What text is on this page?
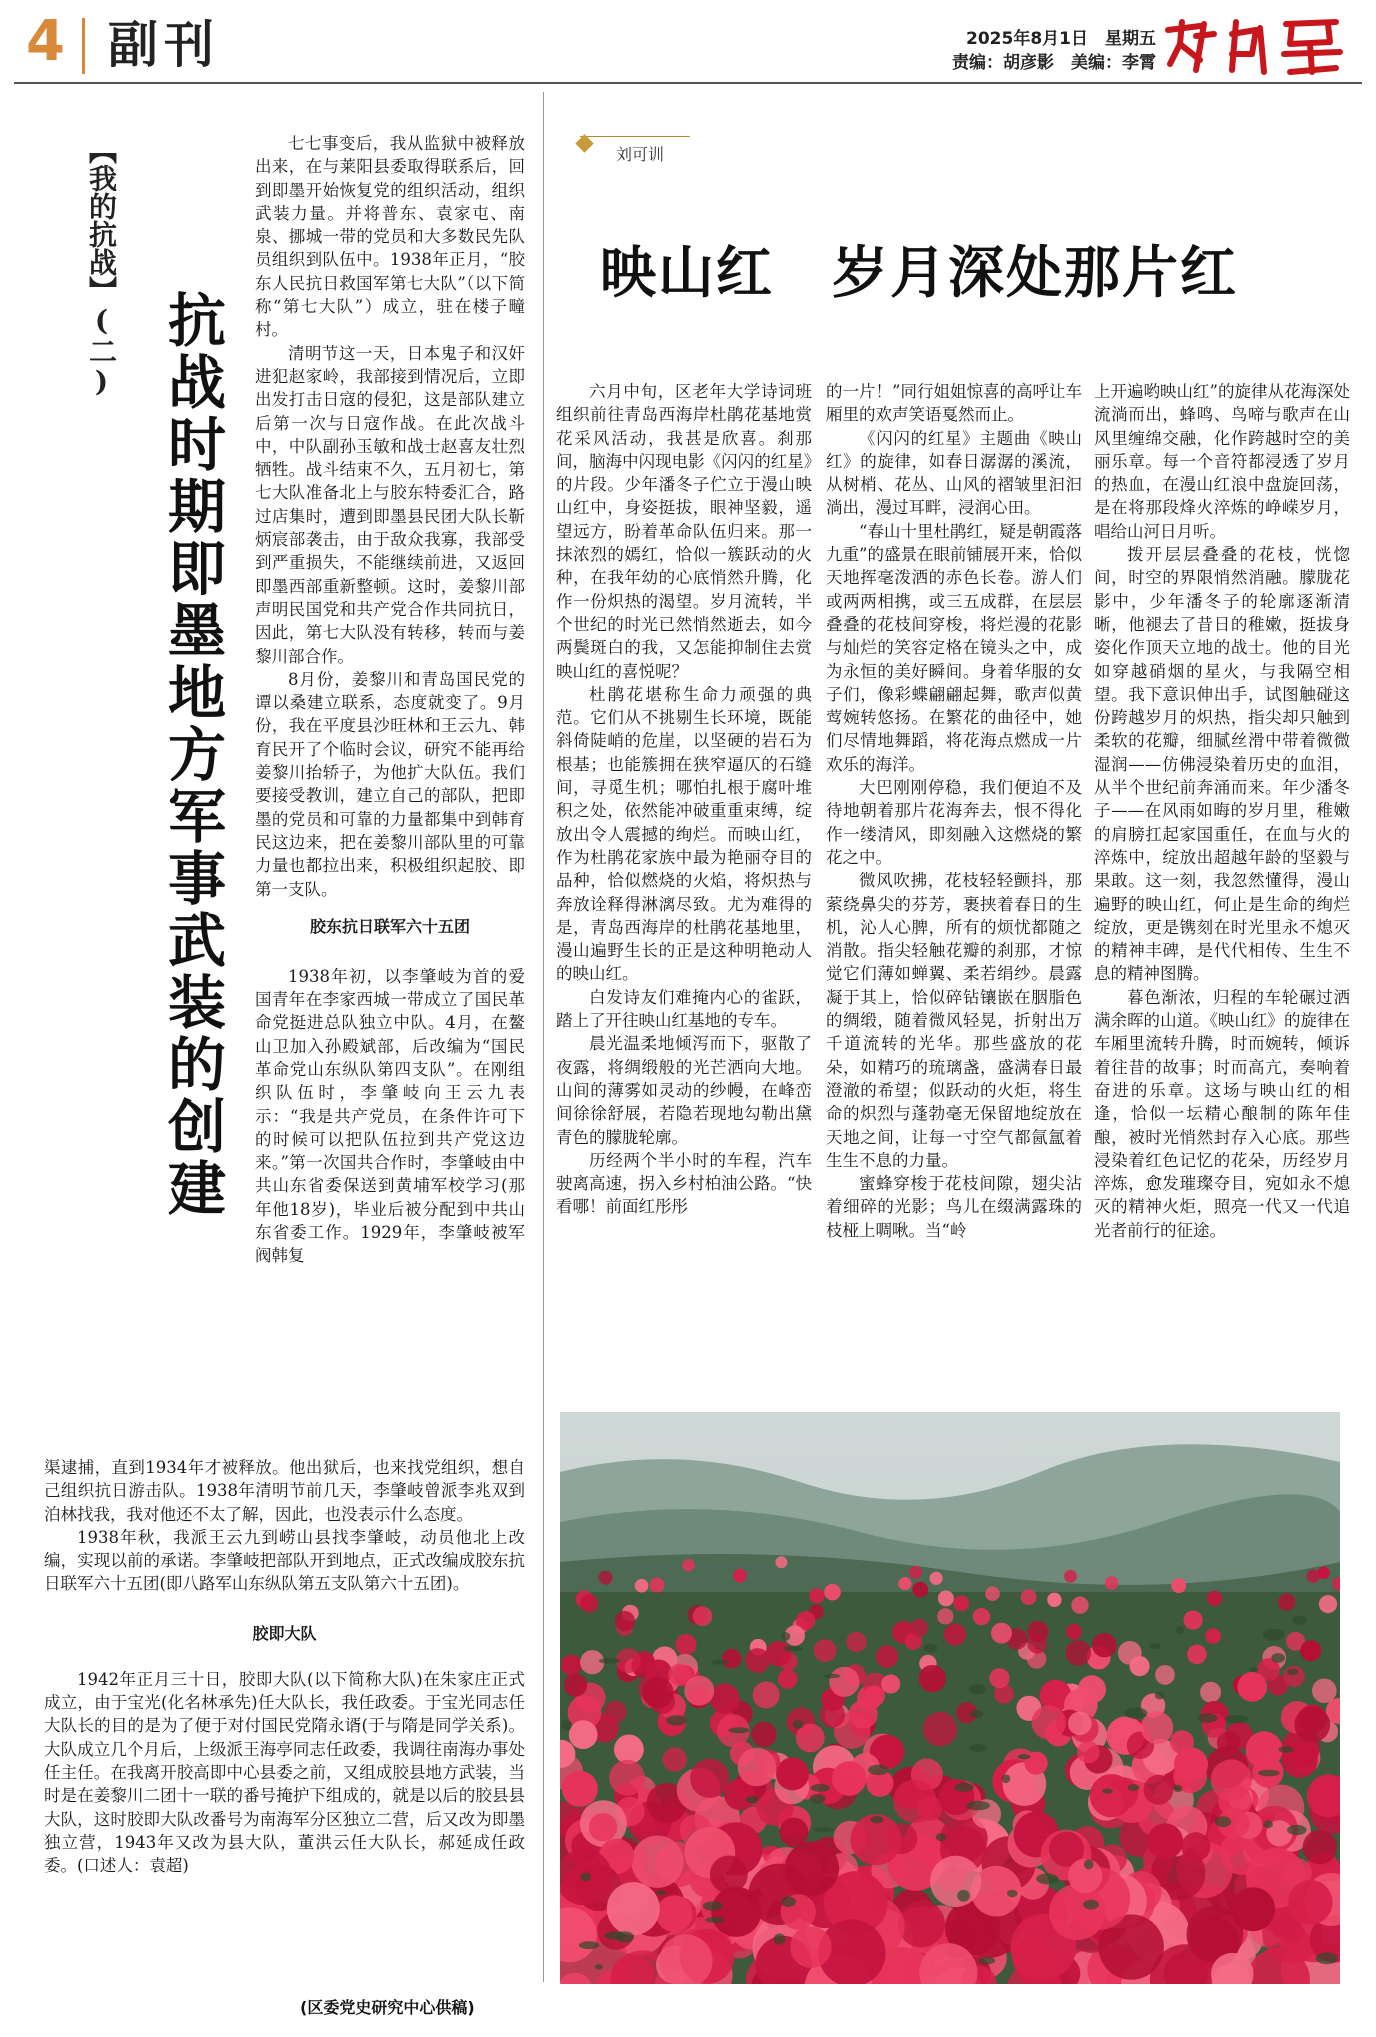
4 副刊	2025年8月1日　星期五
责编：胡彦影　美编：李霄
【我的抗战】(二)
抗战时期即墨地方军事武装的创建

七七事变后，我从监狱中被释放出来，在与莱阳县委取得联系后，回到即墨开始恢复党的组织活动，组织武装力量。并将普东、袁家屯、南泉、挪城一带的党员和大多数民先队员组织到队伍中。1938年正月，“胶东人民抗日救国军第七大队”（以下简称“第七大队”）成立，驻在楼子疃村。

清明节这一天，日本鬼子和汉奸进犯赵家岭，我部接到情况后，立即出发打击日寇的侵犯，这是部队建立后第一次与日寇作战。在此次战斗中，中队副孙玉敏和战士赵喜友壮烈牺牲。战斗结束不久，五月初七，第七大队准备北上与胶东特委汇合，路过店集时，遭到即墨县民团大队长靳炳宸部袭击，由于敌众我寡，我部受到严重损失，不能继续前进，又返回即墨西部重新整顿。这时，姜黎川部声明民国党和共产党合作共同抗日，因此，第七大队没有转移，转而与姜黎川部合作。

8月份，姜黎川和青岛国民党的谭以桑建立联系，态度就变了。9月份，我在平度县沙旺林和王云九、韩育民开了个临时会议，研究不能再给姜黎川抬轿子，为他扩大队伍。我们要接受教训，建立自己的部队，把即墨的党员和可靠的力量都集中到韩育民这边来，把在姜黎川部队里的可靠力量也都拉出来，积极组织起胶、即第一支队。

胶东抗日联军六十五团

1938年初，以李肇岐为首的爱国青年在李家西城一带成立了国民革命党挺进总队独立中队。4月，在鳌山卫加入孙殿斌部，后改编为“国民革命党山东纵队第四支队”。在刚组织队伍时，李肇岐向王云九表示：“我是共产党员，在条件许可下的时候可以把队伍拉到共产党这边来。”第一次国共合作时，李肇岐由中共山东省委保送到黄埔军校学习(那年他18岁)，毕业后被分配到中共山东省委工作。1929年，李肇岐被军阀韩复

渠逮捕，直到1934年才被释放。他出狱后，也来找党组织，想自己组织抗日游击队。1938年清明节前几天，李肇岐曾派李兆双到泊林找我，我对他还不太了解，因此，也没表示什么态度。

1938年秋，我派王云九到崂山县找李肇岐，动员他北上改编，实现以前的承诺。李肇岐把部队开到地点，正式改编成胶东抗日联军六十五团(即八路军山东纵队第五支队第六十五团)。

胶即大队

1942年正月三十日，胶即大队(以下简称大队)在朱家庄正式成立，由于宝光(化名林承先)任大队长，我任政委。于宝光同志任大队长的目的是为了便于对付国民党隋永谞(于与隋是同学关系)。大队成立几个月后，上级派王海亭同志任政委，我调往南海办事处任主任。在我离开胶高即中心县委之前，又组成胶县地方武装，当时是在姜黎川二团十一联的番号掩护下组成的，就是以后的胶县县大队，这时胶即大队改番号为南海军分区独立二营，后又改为即墨独立营，1943年又改为县大队，董洪云任大队长，郝延成任政委。(口述人：袁超)

(区委党史研究中心供稿)
刘可训
映山红　岁月深处那片红

六月中旬，区老年大学诗词班组织前往青岛西海岸杜鹃花基地赏花采风活动，我甚是欣喜。刹那间，脑海中闪现电影《闪闪的红星》的片段。少年潘冬子伫立于漫山映山红中，身姿挺拔，眼神坚毅，遥望远方，盼着革命队伍归来。那一抹浓烈的嫣红，恰似一簇跃动的火种，在我年幼的心底悄然升腾，化作一份炽热的渴望。岁月流转，半个世纪的时光已然悄然逝去，如今两鬓斑白的我，又怎能抑制住去赏映山红的喜悦呢？

杜鹃花堪称生命力顽强的典范。它们从不挑剔生长环境，既能斜倚陡峭的危崖，以坚硬的岩石为根基；也能簇拥在狭窄逼仄的石缝间，寻觅生机；哪怕扎根于腐叶堆积之处，依然能冲破重重束缚，绽放出令人震撼的绚烂。而映山红，作为杜鹃花家族中最为艳丽夺目的品种，恰似燃烧的火焰，将炽热与奔放诠释得淋漓尽致。尤为难得的是，青岛西海岸的杜鹃花基地里，漫山遍野生长的正是这种明艳动人的映山红。

白发诗友们难掩内心的雀跃，踏上了开往映山红基地的专车。

晨光温柔地倾泻而下，驱散了夜露，将绸缎般的光芒洒向大地。山间的薄雾如灵动的纱幔，在峰峦间徐徐舒展，若隐若现地勾勒出黛青色的朦胧轮廓。

历经两个半小时的车程，汽车驶离高速，拐入乡村柏油公路。“快看哪！前面红彤彤

的一片！”同行姐姐惊喜的高呼让车厢里的欢声笑语戛然而止。

《闪闪的红星》主题曲《映山红》的旋律，如春日潺潺的溪流，从树梢、花丛、山风的褶皱里汩汩淌出，漫过耳畔，浸润心田。

“春山十里杜鹃红，疑是朝霞落九重”的盛景在眼前铺展开来，恰似天地挥毫泼洒的赤色长卷。游人们或两两相携，或三五成群，在层层叠叠的花枝间穿梭，将烂漫的花影与灿烂的笑容定格在镜头之中，成为永恒的美好瞬间。身着华服的女子们，像彩蝶翩翩起舞，歌声似黄莺婉转悠扬。在繁花的曲径中，她们尽情地舞蹈，将花海点燃成一片欢乐的海洋。

大巴刚刚停稳，我们便迫不及待地朝着那片花海奔去，恨不得化作一缕清风，即刻融入这燃烧的繁花之中。

微风吹拂，花枝轻轻颤抖，那萦绕鼻尖的芬芳，裹挟着春日的生机，沁人心脾，所有的烦忧都随之消散。指尖轻触花瓣的刹那，才惊觉它们薄如蝉翼、柔若绢纱。晨露凝于其上，恰似碎钻镶嵌在胭脂色的绸缎，随着微风轻晃，折射出万千道流转的光华。那些盛放的花朵，如精巧的琉璃盏，盛满春日最澄澈的希望；似跃动的火炬，将生命的炽烈与蓬勃毫无保留地绽放在天地之间，让每一寸空气都氤氲着生生不息的力量。

蜜蜂穿梭于花枝间隙，翅尖沾着细碎的光影；鸟儿在缀满露珠的枝桠上啁啾。当“岭

上开遍哟映山红”的旋律从花海深处流淌而出，蜂鸣、鸟啼与歌声在山风里缠绵交融，化作跨越时空的美丽乐章。每一个音符都浸透了岁月的热血，在漫山红浪中盘旋回荡，是在将那段烽火淬炼的峥嵘岁月，唱给山河日月听。

拨开层层叠叠的花枝，恍惚间，时空的界限悄然消融。朦胧花影中，少年潘冬子的轮廓逐渐清晰，他褪去了昔日的稚嫩，挺拔身姿化作顶天立地的战士。他的目光如穿越硝烟的星火，与我隔空相望。我下意识伸出手，试图触碰这份跨越岁月的炽热，指尖却只触到柔软的花瓣，细腻丝滑中带着微微湿润——仿佛浸染着历史的血泪，从半个世纪前奔涌而来。年少潘冬子——在风雨如晦的岁月里，稚嫩的肩膀扛起家国重任，在血与火的淬炼中，绽放出超越年龄的坚毅与果敢。这一刻，我忽然懂得，漫山遍野的映山红，何止是生命的绚烂绽放，更是镌刻在时光里永不熄灭的精神丰碑，是代代相传、生生不息的精神图腾。

暮色渐浓，归程的车轮碾过洒满余晖的山道。《映山红》的旋律在车厢里流转升腾，时而婉转，倾诉着往昔的故事；时而高亢，奏响着奋进的乐章。这场与映山红的相逢，恰似一坛精心酿制的陈年佳酿，被时光悄然封存入心底。那些浸染着红色记忆的花朵，历经岁月淬炼，愈发璀璨夺目，宛如永不熄灭的精神火炬，照亮一代又一代追光者前行的征途。
